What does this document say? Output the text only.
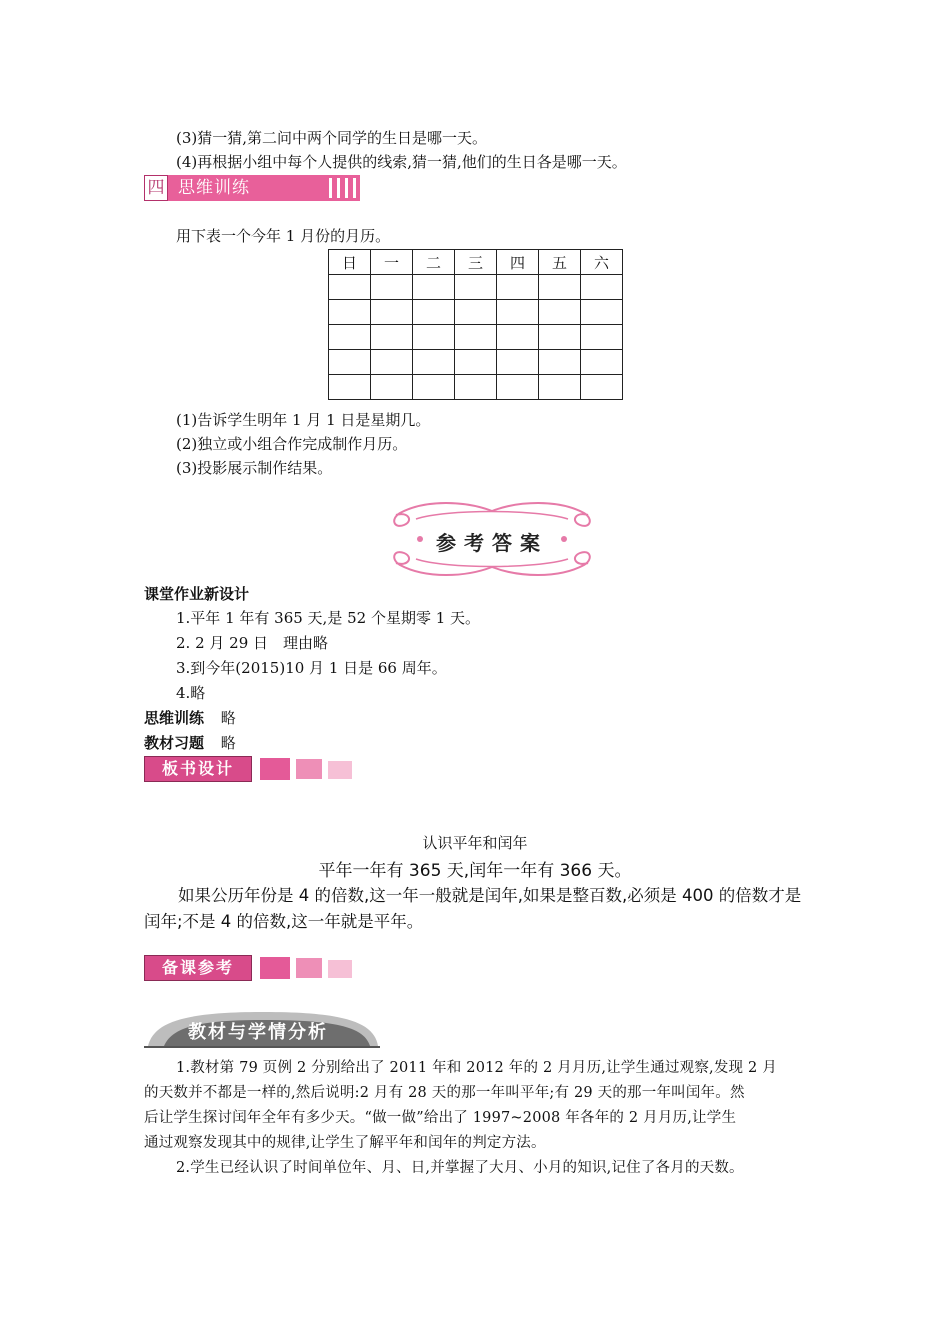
(3)猜一猜,第二问中两个同学的生日是哪一天。
(4)再根据小组中每个人提供的线索,猜一猜,他们的生日各是哪一天。
四 思维训练
用下表一个今年 1 月份的月历。
日	一	二	三	四	五	六

(1)告诉学生明年 1 月 1 日是星期几。
(2)独立或小组合作完成制作月历。
(3)投影展示制作结果。
参考答案
课堂作业新设计
1.平年 1 年有 365 天,是 52 个星期零 1 天。
2. 2 月 29 日　理由略
3.到今年(2015)10 月 1 日是 66 周年。
4.略
思维训练 略
教材习题 略
板书设计
认识平年和闰年
平年一年有 365 天,闰年一年有 366 天。
如果公历年份是 4 的倍数,这一年一般就是闰年,如果是整百数,必须是 400 的倍数才是
闰年;不是 4 的倍数,这一年就是平年。
备课参考
教材与学情分析
1.教材第 79 页例 2 分别给出了 2011 年和 2012 年的 2 月月历,让学生通过观察,发现 2 月
的天数并不都是一样的,然后说明:2 月有 28 天的那一年叫平年;有 29 天的那一年叫闰年。然
后让学生探讨闰年全年有多少天。“做一做”给出了 1997~2008 年各年的 2 月月历,让学生
通过观察发现其中的规律,让学生了解平年和闰年的判定方法。
2.学生已经认识了时间单位年、月、日,并掌握了大月、小月的知识,记住了各月的天数。
